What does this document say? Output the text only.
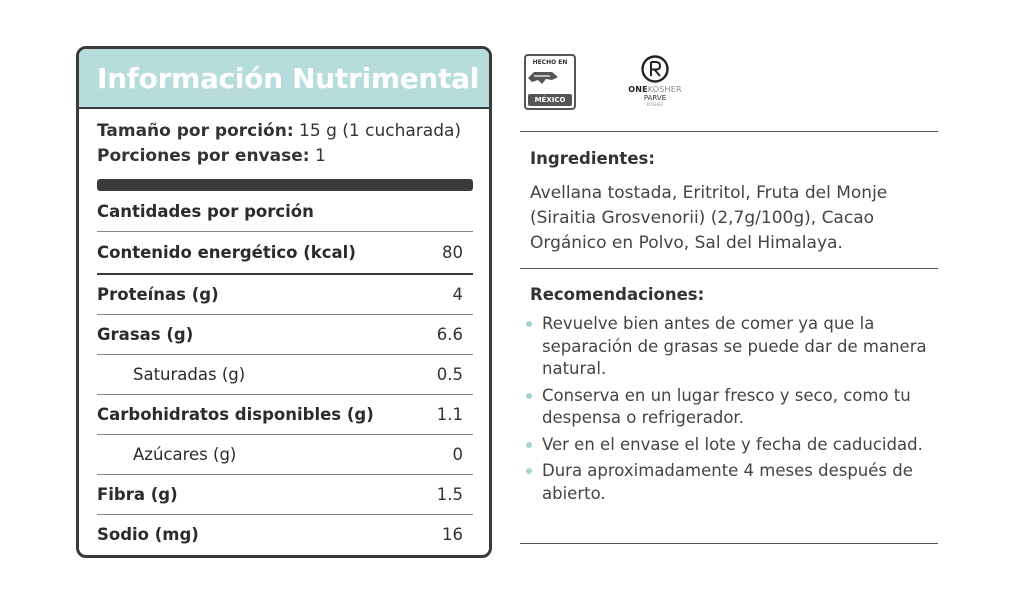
Información Nutrimental
Tamaño por porción: 15 g (1 cucharada)
Porciones por envase: 1
Cantidades por porción
Contenido energético (kcal)	80
Proteínas (g)	4
Grasas (g)	6.6
Saturadas (g)	0.5
Carbohidratos disponibles (g)	1.1
Azúcares (g)	0
Fibra (g)	1.5
Sodio (mg)	16
HECHO EN
MÉXICO
ONEKOSHER
PARVE
KOSHER
Ingredientes:
Avellana tostada, Eritritol, Fruta del Monje (Siraitia Grosvenorii) (2,7g/100g), Cacao Orgánico en Polvo, Sal del Himalaya.
Recomendaciones:
Revuelve bien antes de comer ya que la separación de grasas se puede dar de manera natural.
Conserva en un lugar fresco y seco, como tu despensa o refrigerador.
Ver en el envase el lote y fecha de caducidad.
Dura aproximadamente 4 meses después de abierto.
